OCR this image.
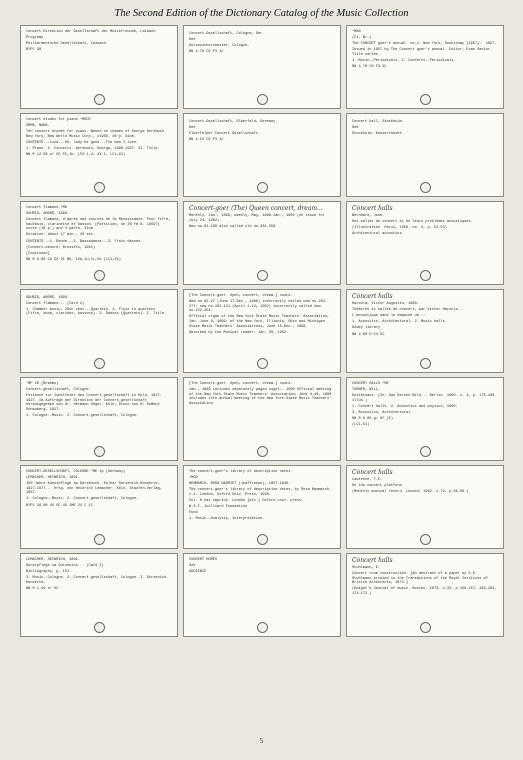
The Second Edition of the Dictionary Catalog of the Music Collection

Concert-Direktion der Gesellschaft der Musikfreunde, Laibach.

Programs

Philharmonische Gesellschaft, Laibach.

NYPL 38

Concert-Gesellschaft, Cologne, Ger.

See

Gürzenichorchester, Cologne.

NN 4.78 C0 F3 1C

*MAG

(Ct. Br.)

The CONCERT goer's annual. no.1- New York, Doubleday [1957]-  1957-

Issued in 1957 by The Concert goer's annual. Editor: Evan Senior. Title varies.

1. Music--Periodicals. 2. Concerts--Periodicals.

NN 4.78 C0 F3 1C

Concert etudes for piano *MSCE

ORMS, MANS.

Ten concert etudes for piano. Based on themes of George Gershwin. New York, New World Music Corp., c1956. 40 p. 31cm.

CONTENTS.--Liza.--Oh, lady be good.--The man I love.

1. Piano. 2. Concerts. Gershwin, George, 1898-1937. II. Title.

NN R 12.56 e/ OC PC,1b. (FA 1,4, 4X 1, LC1,X1)

Concert-Gesellschaft, Elberfeld, Germany.

See

Elberfelder Concert Gesellschaft.

NN 4.54 C0 F3 1C

Concert hall, Stockholm.

See

Stockholm. Konserthuset.

Concert flamand *MK

SOURIS, ANDRÉ, 1899-

Concert flamand, d'après des sources de la Renaissance. Pour fifre, hautbois, clarinette et basson. [Partition, de 26 fm N. 1959?] score (18 p.) and 4 parts. 31cm.

Duration: about 17 min., 40 sec.

CONTENTS.--1. Ronde.--2. Bassadanza.--3. Trois danses.

(Concert-oeuvre, Brussels, 1961)

[Continued]

NN R 6.69 CA EX 21 MG, 12b,1U,1L,5b (LC1,X1)

Concert-goer (The) Queen concert, dream...

Monthly, Jan., 1899; weekly, May, 1898-Jan., 1902 (no issue for July 24, 1902).

New no.81-169 also called old no.281-356

Concert halls

Bernhard, Jose.

Des salles de concert et de leurs problèmes acoustiques.

(Illustration. Paris, 1959. no. 5, p. 52-53)

Architectural acoustics.

SOURIS, ANDRÉ, 1899-

Concert flamand... (Card 2)

1. Chamber music, 20th cent.--Quartets. 2. Flute in quartets (Fifre, oboe, clarinet, bassoon). 3. Dances (Quartets). I. Title.

[The Concert-goer. Open, concert, dream.] contd.

New no.82-97 (June 17-Dec., 1898) incorrectly called new no.262-277; new no.102-121 (April 1-12, 1902) incorrectly called new no.122-154.

Official organ of the New York State Music Teachers' Association, Jan.-June 8, 1899; of the New York, Illinois, Ohio and Michigan State Music Teachers' Associations, June 15-Dec., 1898.

Absorbed by the Musical Leader, Jan. 30, 1902.

Concert halls

Haroula, Victor Augustin, 1860-

Théâtres et salles de concert, par Victor Haroula...

L'acoustique dans le domaine de...

1. Acoustics--Architectural. 2. Music halls.

Dewey library

NN 4.80 O C4 5C

*MF 20 (Brahms)

Concert-gesellschaft, Cologne.

Festbuch zur Jubelfeier des Concert-gesellschaft in Köln, 1827-1927. Im Auftrage der Direktion der Concert-gesellschaft herausgegeben von Dr. Hermann Unger. Köln, Druck von M. DuMont Schauberg, 1927.

1. Cologne--Music. 2. Concert-gesellschaft, Cologne.

[The Concert-goer. Open, concert, dream.] contd.

Jan., 1899 includes separately paged suppl.: 1900 Official meeting of the New York State Music Teachers' Association; June 4-16, 1900 includes 12th annual meeting of the New York State Music Teachers' Association.

CONCERT HALLS *MZ

TURNER, WILL.

Dustbinaus. (In: Das Kerzen Bild... Berlin. 1960. v. 1, p. 175-180. illus.)

1. Concert halls. 2. Acoustics and physics, 1800-

3. Acoustics, Architectural.

NN R 6.60 g/ OC (E)

(LC1,X1)

CONCERT-GESELLSCHAFT, COLOGNE *ME 1p (Germany)

LEMACHER, HEINRICH, 1891-

150 Jahre Kunstpflege im Gürzenich. Kölner Gürzenich-Konzerte, 1827-1977... hrsg. von Heinrich Lemacher. Köln, Staufen-Verlag, 1957.

1. Cologne--Music. 2. Concert-gesellschaft, Cologne.

NYPL 18.08 4X OC 4X 1ME 24 C 1C

The concert-goer's library of descriptive notes.

*MGD

NEWMARCH, ROSA HARRIET (Jeaffreson), 1857-1940.

The concert-goer's library of descriptive notes, by Rosa Newmarch. v.1- London, Oxford Univ. Press, 1928-

Vol. 6 has imprint: London [etc.] Oxford univ. press.

W.S.F. Juilliard Foundation

Fund

1. Music--Analysis, interpretation.

Concert halls

Lawrence, T.E.

On the concert platform.

(Monthly musical record. London, 1962. v.72, p.56-59.)

LEMACHER, HEINRICH, 1891-

Kunstpflege im Gürzenich... (Card 2)

Bibliography, p. 151.

1. Music--Cologne. 2. Concert-gesellschaft, Cologne. 3. Gürzenich-Konzerte.

NN R 1.59 e/ OC

CONCERT HOMES

See

AUDIENCE

Concert halls

Stuhlmann, E.

Concert room construction. [An abstract of a paper by E.E. Stuhlmann printed in the Transactions of the Royal Institute of British Architects, 1873.]

(Dwight's Journal of music. Boston, 1873. v.33, p.156-157, 163-164, 171-172.)

5
